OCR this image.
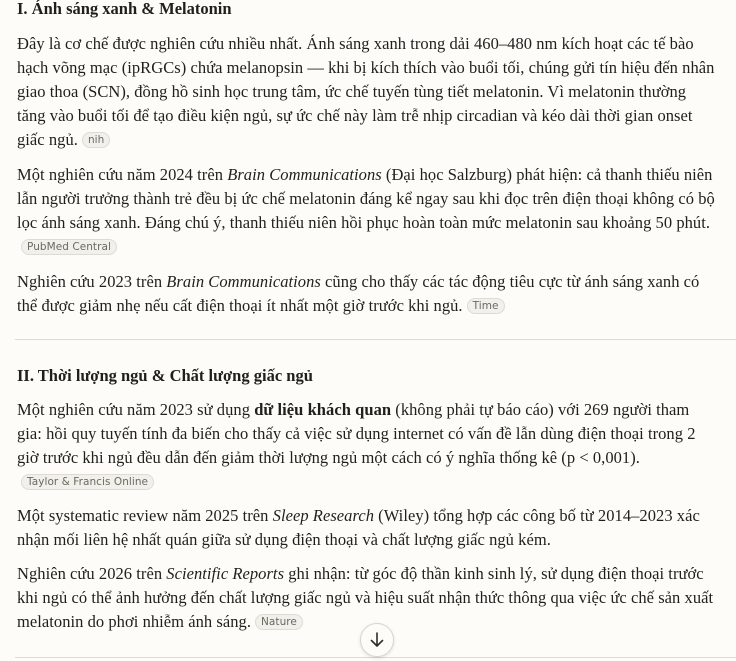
I. Ánh sáng xanh & Melatonin

Đây là cơ chế được nghiên cứu nhiều nhất. Ánh sáng xanh trong dải 460–480 nm kích hoạt các tế bào hạch võng mạc (ipRGCs) chứa melanopsin — khi bị kích thích vào buổi tối, chúng gửi tín hiệu đến nhân giao thoa (SCN), đồng hồ sinh học trung tâm, ức chế tuyến tùng tiết melatonin. Vì melatonin thường tăng vào buổi tối để tạo điều kiện ngủ, sự ức chế này làm trễ nhịp circadian và kéo dài thời gian onset giấc ngủ. nih

Một nghiên cứu năm 2024 trên Brain Communications (Đại học Salzburg) phát hiện: cả thanh thiếu niên lẫn người trưởng thành trẻ đều bị ức chế melatonin đáng kể ngay sau khi đọc trên điện thoại không có bộ lọc ánh sáng xanh. Đáng chú ý, thanh thiếu niên hồi phục hoàn toàn mức melatonin sau khoảng 50 phút.PubMed Central

Nghiên cứu 2023 trên Brain Communications cũng cho thấy các tác động tiêu cực từ ánh sáng xanh có thể được giảm nhẹ nếu cất điện thoại ít nhất một giờ trước khi ngủ. Time

II. Thời lượng ngủ & Chất lượng giấc ngủ

Một nghiên cứu năm 2023 sử dụng dữ liệu khách quan (không phải tự báo cáo) với 269 người tham gia: hồi quy tuyến tính đa biến cho thấy cả việc sử dụng internet có vấn đề lẫn dùng điện thoại trong 2 giờ trước khi ngủ đều dẫn đến giảm thời lượng ngủ một cách có ý nghĩa thống kê (p < 0,001).Taylor & Francis Online

Một systematic review năm 2025 trên Sleep Research (Wiley) tổng hợp các công bố từ 2014–2023 xác nhận mối liên hệ nhất quán giữa sử dụng điện thoại và chất lượng giấc ngủ kém.

Nghiên cứu 2026 trên Scientific Reports ghi nhận: từ góc độ thần kinh sinh lý, sử dụng điện thoại trước khi ngủ có thể ảnh hưởng đến chất lượng giấc ngủ và hiệu suất nhận thức thông qua việc ức chế sản xuất melatonin do phơi nhiễm ánh sáng. Nature
